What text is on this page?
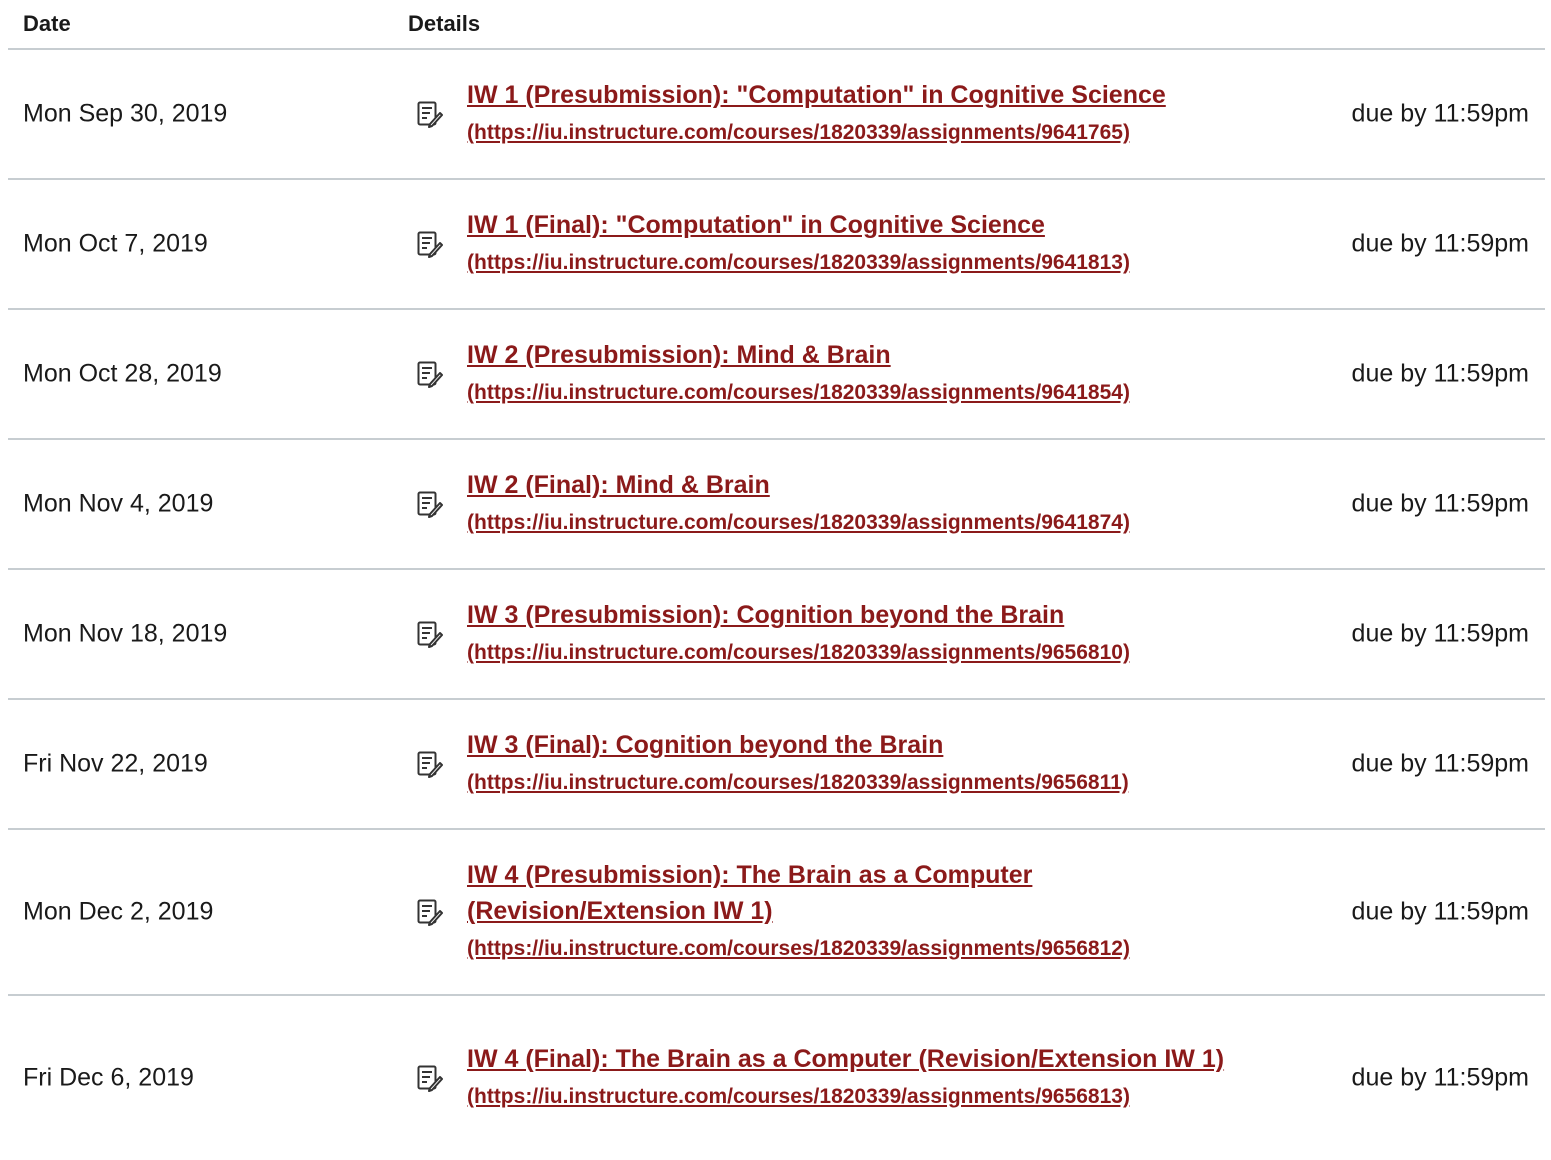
Date	Details
Mon Sep 30, 2019
IW 1 (Presubmission): "Computation" in Cognitive Science
(https://iu.instructure.com/courses/1820339/assignments/9641765)
due by 11:59pm
Mon Oct 7, 2019
IW 1 (Final): "Computation" in Cognitive Science
(https://iu.instructure.com/courses/1820339/assignments/9641813)
due by 11:59pm
Mon Oct 28, 2019
IW 2 (Presubmission): Mind & Brain
(https://iu.instructure.com/courses/1820339/assignments/9641854)
due by 11:59pm
Mon Nov 4, 2019
IW 2 (Final): Mind & Brain
(https://iu.instructure.com/courses/1820339/assignments/9641874)
due by 11:59pm
Mon Nov 18, 2019
IW 3 (Presubmission): Cognition beyond the Brain
(https://iu.instructure.com/courses/1820339/assignments/9656810)
due by 11:59pm
Fri Nov 22, 2019
IW 3 (Final): Cognition beyond the Brain
(https://iu.instructure.com/courses/1820339/assignments/9656811)
due by 11:59pm
Mon Dec 2, 2019
IW 4 (Presubmission): The Brain as a Computer (Revision/Extension IW 1)
(https://iu.instructure.com/courses/1820339/assignments/9656812)
due by 11:59pm
Fri Dec 6, 2019
IW 4 (Final): The Brain as a Computer (Revision/Extension IW 1)
(https://iu.instructure.com/courses/1820339/assignments/9656813)
due by 11:59pm
